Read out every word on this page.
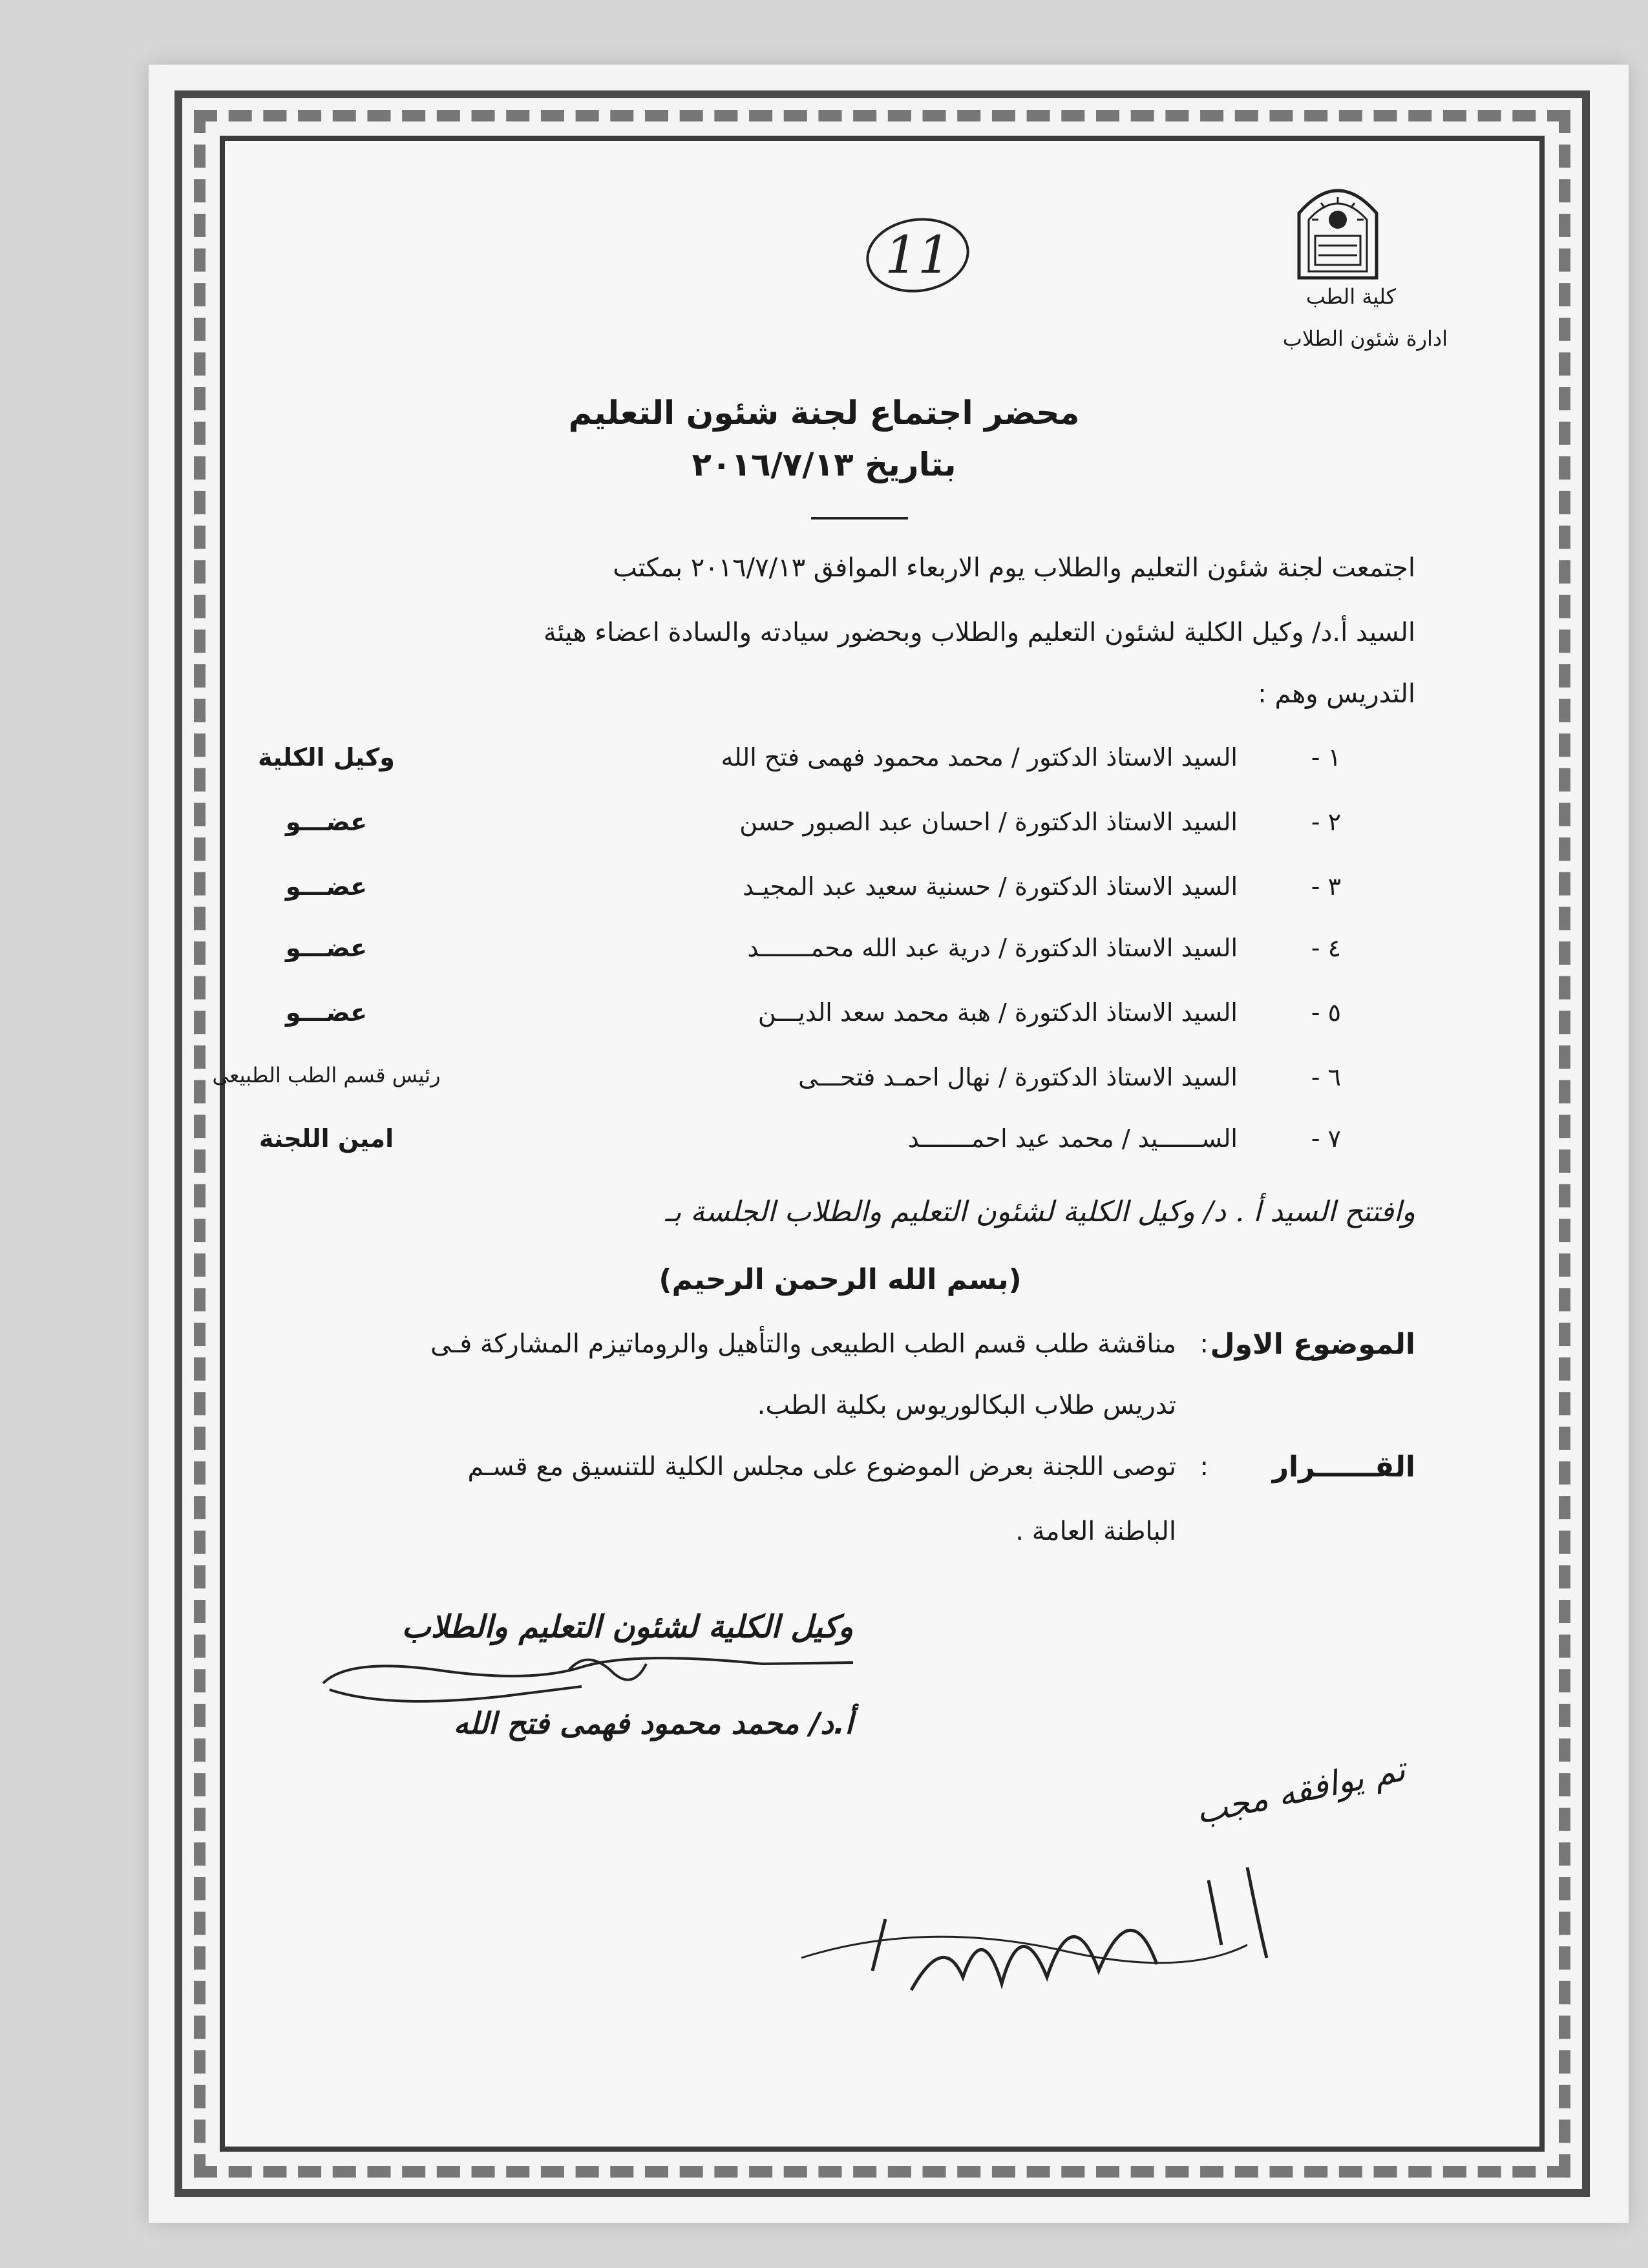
كلية الطب
ادارة شئون الطلاب
11
محضر اجتماع لجنة شئون التعليم
بتاريخ ٢٠١٦/٧/١٣
اجتمعت لجنة شئون التعليم والطلاب يوم الاربعاء الموافق ٢٠١٦/٧/١٣ بمكتب
السيد أ.د/ وكيل الكلية لشئون التعليم والطلاب وبحضور سيادته والسادة اعضاء هيئة
التدريس وهم :
١ -
السيد الاستاذ الدكتور / محمد محمود فهمى فتح الله
وكيل الكلية
٢ -
السيد الاستاذ الدكتورة / احسان عبد الصبور حسن
عضـــو
٣ -
السيد الاستاذ الدكتورة / حسنية سعيد عبد المجيـد
عضـــو
٤ -
السيد الاستاذ الدكتورة / درية عبد الله محمـــــــد
عضـــو
٥ -
السيد الاستاذ الدكتورة / هبة محمد سعد الديـــن
عضـــو
٦ -
السيد الاستاذ الدكتورة / نهال احمـد فتحـــى
رئيس قسم الطب الطبيعى
٧ -
الســــــيد / محمد عيد احمـــــــد
امين اللجنة
وافتتح السيد أ . د/ وكيل الكلية لشئون التعليم والطلاب الجلسة بـ
(بسم الله الرحمن الرحيم)
الموضوع الاول
:
مناقشة طلب قسم الطب الطبيعى والتأهيل والروماتيزم المشاركة فـى
تدريس طلاب البكالوريوس بكلية الطب.
القــــــرار
:
توصى اللجنة بعرض الموضوع على مجلس الكلية للتنسيق مع قسـم
الباطنة العامة .
وكيل الكلية لشئون التعليم والطلاب
أ.د/ محمد محمود فهمى فتح الله
تم يوافقه مجب
